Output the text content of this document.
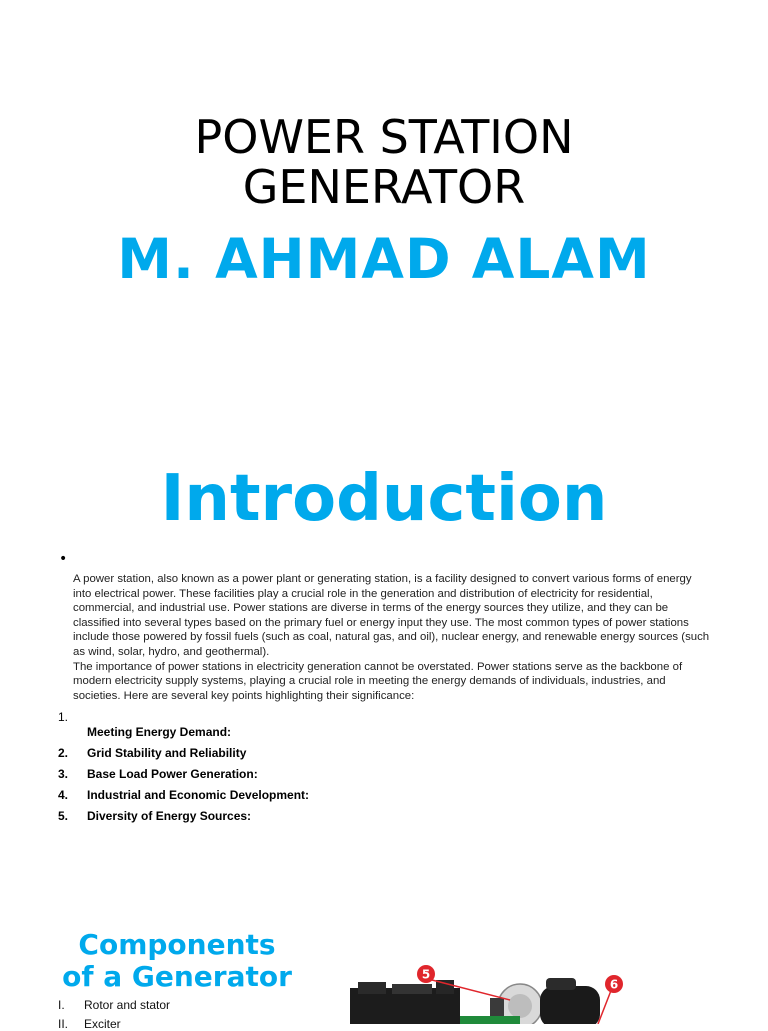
POWER STATION
GENERATOR
M. AHMAD ALAM
Introduction
•

A power station, also known as a power plant or generating station, is a facility designed to convert various forms of energy into electrical power. These facilities play a crucial role in the generation and distribution of electricity for residential, commercial, and industrial use. Power stations are diverse in terms of the energy sources they utilize, and they can be classified into several types based on the primary fuel or energy input they use. The most common types of power stations include those powered by fossil fuels (such as coal, natural gas, and oil), nuclear energy, and renewable energy sources (such as wind, solar, hydro, and geothermal).

The importance of power stations in electricity generation cannot be overstated. Power stations serve as the backbone of modern electricity supply systems, playing a crucial role in meeting the energy demands of individuals, industries, and societies. Here are several key points highlighting their significance:

1.
Meeting Energy Demand:
2. Grid Stability and Reliability
3. Base Load Power Generation:
4. Industrial and Economic Development:
5. Diversity of Energy Sources:
Components
of a Generator
I. Rotor and stator
II. Exciter
5
6
